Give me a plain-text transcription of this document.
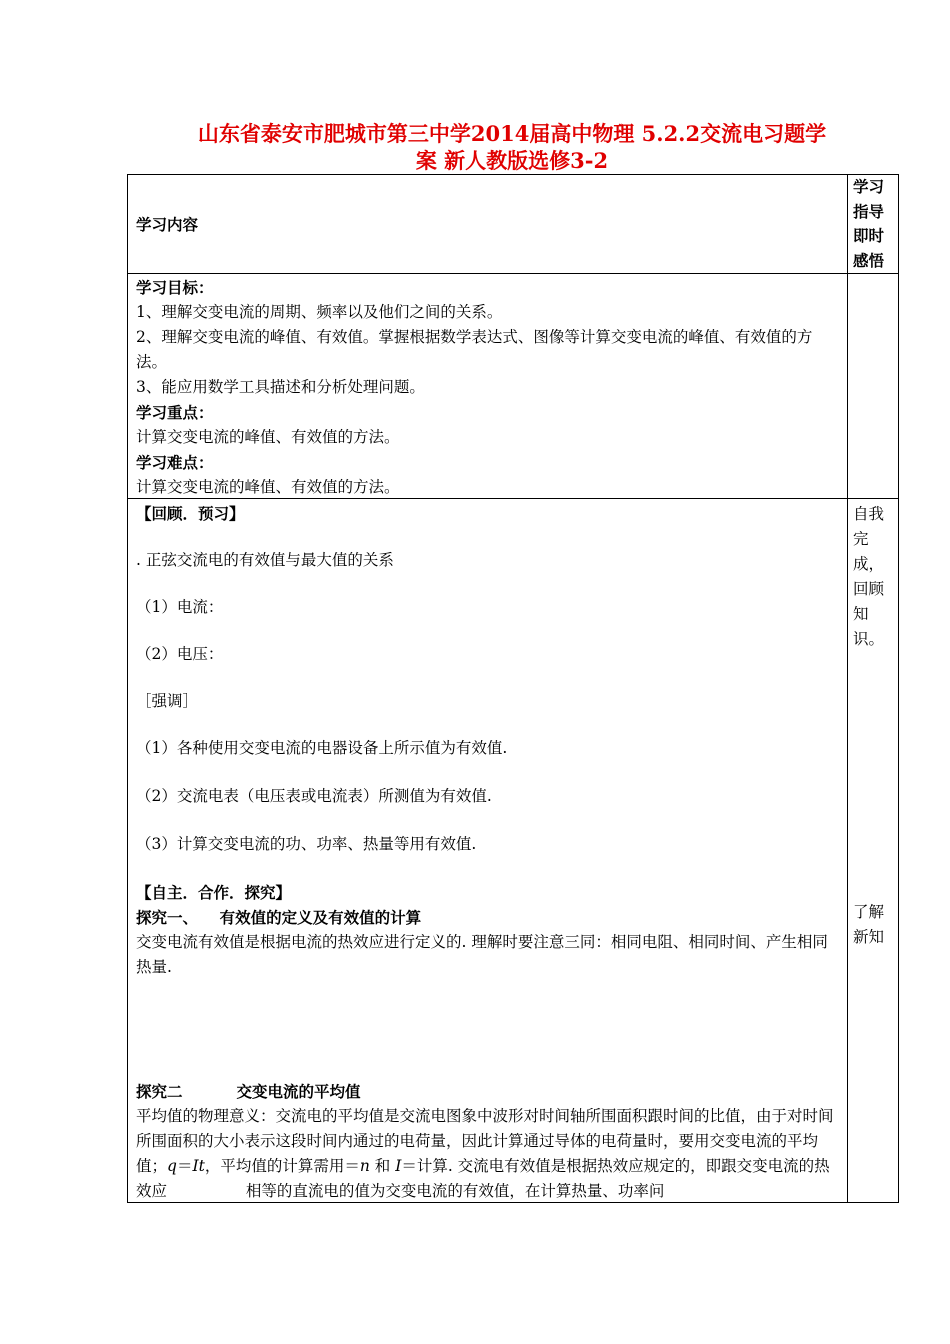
山东省泰安市肥城市第三中学2014届高中物理 5.2.2交流电习题学
案 新人教版选修3-2
学习内容

学习

指导

即时

感悟

学习目标：

1、理解交变电流的周期、频率以及他们之间的关系。

2、理解交变电流的峰值、有效值。掌握根据数学表达式、图像等计算交变电流的峰值、有效值的方法。

3、能应用数学工具描述和分析处理问题。

学习重点：

计算交变电流的峰值、有效值的方法。

学习难点：

计算交变电流的峰值、有效值的方法。

【回顾．预习】

. 正弦交流电的有效值与最大值的关系

（1）电流：

（2）电压：

［强调］

（1）各种使用交变电流的电器设备上所示值为有效值.

（2）交流电表（电压表或电流表）所测值为有效值.

（3）计算交变电流的功、功率、热量等用有效值.

【自主．合作．探究】

探究一、    有效值的定义及有效值的计算

交变电流有效值是根据电流的热效应进行定义的. 理解时要注意三同：相同电阻、相同时间、产生相同热量.

探究二          交变电流的平均值

平均值的物理意义：交流电的平均值是交流电图象中波形对时间轴所围面积跟时间的比值，由于对时间所围面积的大小表示这段时间内通过的电荷量，因此计算通过导体的电荷量时，要用交变电流的平均值；q＝It，平均值的计算需用＝n 和 I＝计算. 交流电有效值是根据热效应规定的，即跟交变电流的热效应	相等的直流电的值为交变电流的有效值，在计算热量、功率问

自我

完

成，

回顾

知

识。

了解

新知
